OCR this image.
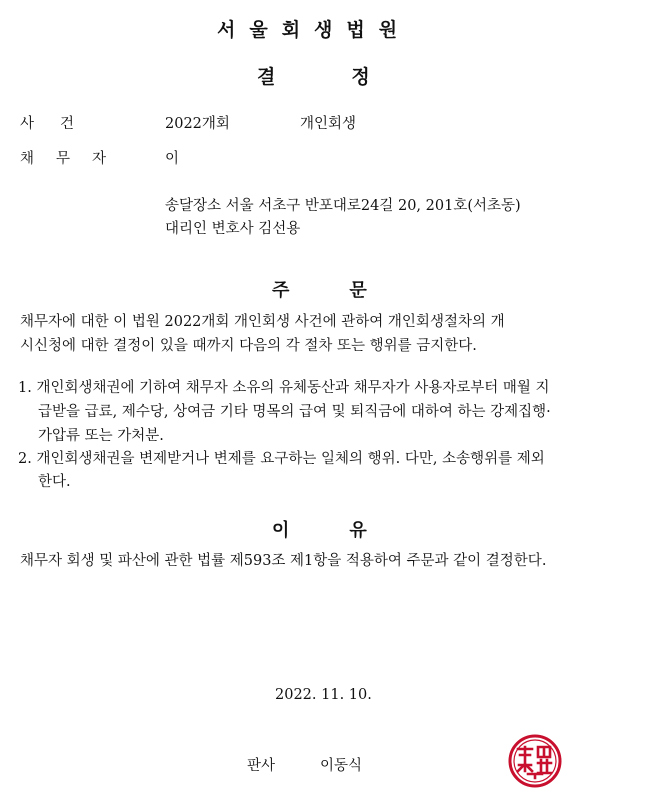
서울회생법원
결정
사건	2022개회	개인회생
채무자	이
송달장소 서울 서초구 반포대로24길 20, 201호(서초동)
대리인 변호사 김선용
주문
채무자에 대한 이 법원 2022개회 개인회생 사건에 관하여 개인회생절차의 개
시신청에 대한 결정이 있을 때까지 다음의 각 절차 또는 행위를 금지한다.
1. 개인회생채권에 기하여 채무자 소유의 유체동산과 채무자가 사용자로부터 매월 지
급받을 급료, 제수당, 상여금 기타 명목의 급여 및 퇴직금에 대하여 하는 강제집행·
가압류 또는 가처분.
2. 개인회생채권을 변제받거나 변제를 요구하는 일체의 행위. 다만, 소송행위를 제외
한다.
이유
채무자 회생 및 파산에 관한 법률 제593조 제1항을 적용하여 주문과 같이 결정한다.
2022. 11. 10.
판사	이동식
